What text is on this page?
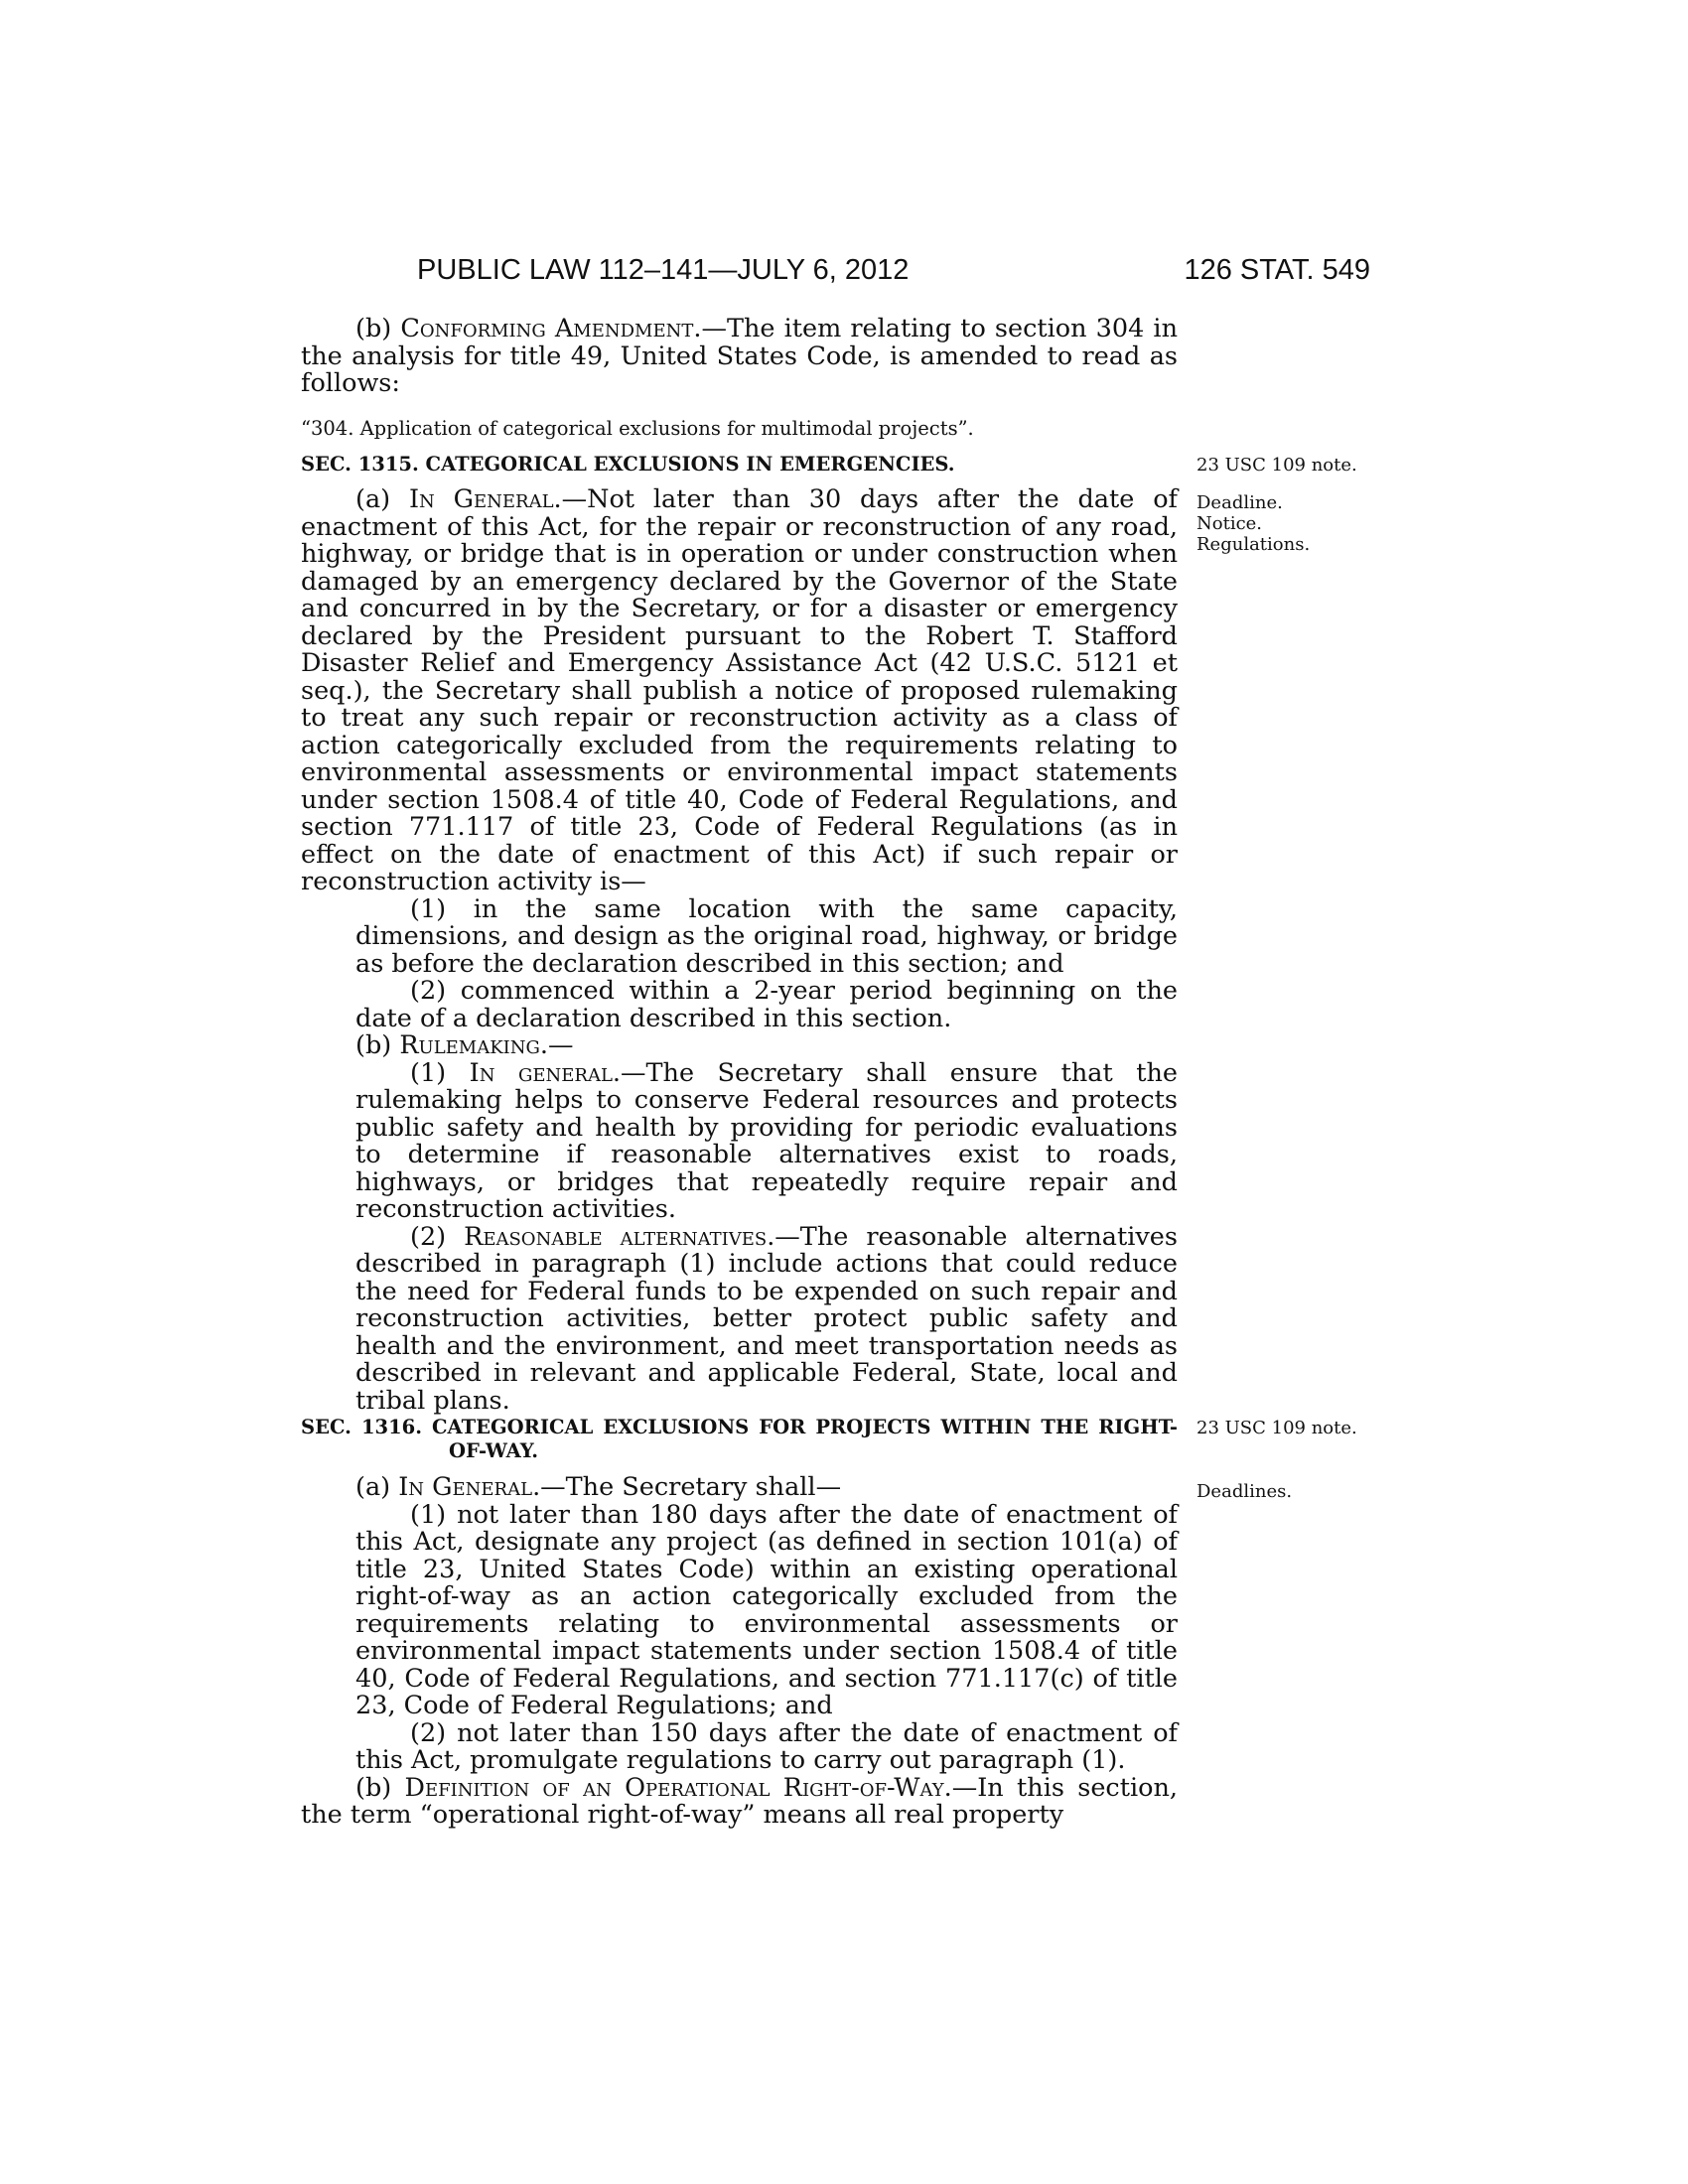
PUBLIC LAW 112–141—JULY 6, 2012	126 STAT. 549

(b) Conforming Amendment.—The item relating to section 304 in the analysis for title 49, United States Code, is amended to read as follows:

“304. Application of categorical exclusions for multimodal projects”.

SEC. 1315. CATEGORICAL EXCLUSIONS IN EMERGENCIES.	23 USC 109 note.

(a) In General.—Not later than 30 days after the date of enactment of this Act, for the repair or reconstruction of any road, highway, or bridge that is in operation or under construction when damaged by an emergency declared by the Governor of the State and concurred in by the Secretary, or for a disaster or emergency declared by the President pursuant to the Robert T. Stafford Disaster Relief and Emergency Assistance Act (42 U.S.C. 5121 et seq.), the Secretary shall publish a notice of proposed rulemaking to treat any such repair or reconstruction activity as a class of action categorically excluded from the requirements relating to environmental assessments or environmental impact statements under section 1508.4 of title 40, Code of Federal Regulations, and section 771.117 of title 23, Code of Federal Regulations (as in effect on the date of enactment of this Act) if such repair or reconstruction activity is—

(1) in the same location with the same capacity, dimensions, and design as the original road, highway, or bridge as before the declaration described in this section; and

(2) commenced within a 2-year period beginning on the date of a declaration described in this section.

(b) Rulemaking.—

(1) In general.—The Secretary shall ensure that the rulemaking helps to conserve Federal resources and protects public safety and health by providing for periodic evaluations to determine if reasonable alternatives exist to roads, highways, or bridges that repeatedly require repair and reconstruction activities.

(2) Reasonable alternatives.—The reasonable alternatives described in paragraph (1) include actions that could reduce the need for Federal funds to be expended on such repair and reconstruction activities, better protect public safety and health and the environment, and meet transportation needs as described in relevant and applicable Federal, State, local and tribal plans.

Deadline.
Notice.
Regulations.

SEC. 1316. CATEGORICAL EXCLUSIONS FOR PROJECTS WITHIN THE RIGHT-OF-WAY.

23 USC 109 note.

(a) In General.—The Secretary shall—

(1) not later than 180 days after the date of enactment of this Act, designate any project (as defined in section 101(a) of title 23, United States Code) within an existing operational right-of-way as an action categorically excluded from the requirements relating to environmental assessments or environmental impact statements under section 1508.4 of title 40, Code of Federal Regulations, and section 771.117(c) of title 23, Code of Federal Regulations; and

(2) not later than 150 days after the date of enactment of this Act, promulgate regulations to carry out paragraph (1).

(b) Definition of an Operational Right-of-Way.—In this section, the term “operational right-of-way” means all real property

Deadlines.
